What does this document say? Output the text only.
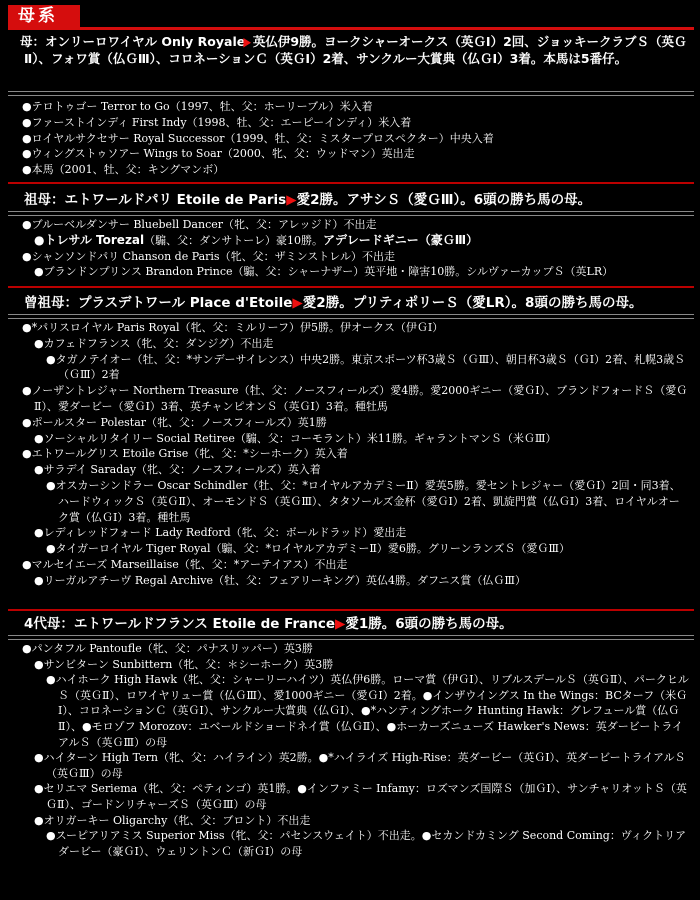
母系
母：オンリーロワイヤル Only Royale▶ 英仏伊9勝。ヨークシャーオークス（英ＧⅠ）2回、ジョッキークラブＳ（英ＧⅡ）、フォワ賞（仏ＧⅢ）、コロネーションＣ（英ＧⅠ）2着、サンクルー大賞典（仏ＧⅠ）3着。本馬は5番仔。
●テロトゥゴー Terror to Go（1997、牡、父：ホーリーブル）米入着
●ファーストインディ First Indy（1998、牡、父：エーピーインディ）米入着
●ロイヤルサクセサー Royal Successor（1999、牡、父：ミスタープロスペクター）中央入着
●ウィングストゥソアー Wings to Soar（2000、牝、父：ウッドマン）英出走
●本馬（2001、牡、父：キングマンボ）
祖母：エトワールドパリ Etoile de Paris▶愛2勝。アサシＳ（愛ＧⅢ）。6頭の勝ち馬の母。
●ブルーベルダンサー Bluebell Dancer（牝、父：アレッジド）不出走
●トレサル Torezal（騸、父：ダンサトーレ）豪10勝。アデレードギニー（豪ＧⅢ）
●シャンソンドパリ Chanson de Paris（牝、父：ザミンストレル）不出走
●ブランドンプリンス Brandon Prince（騸、父：シャーナザー）英平地・障害10勝。シルヴァーカップＳ（英LR）
曾祖母：プラスデトワール Place d'Etoile▶愛2勝。プリティポリーＳ（愛LR）。8頭の勝ち馬の母。
●*パリスロイヤル Paris Royal（牝、父：ミルリーフ）伊5勝。伊オークス（伊ＧⅠ）
●カフェドフランス（牝、父：ダンジグ）不出走
●タガノテイオー（牡、父：*サンデーサイレンス）中央2勝。東京スポーツ杯3歳Ｓ（ＧⅢ）、朝日杯3歳Ｓ（ＧⅠ）2着、札幌3歳Ｓ（ＧⅢ）2着
●ノーザントレジャー Northern Treasure（牡、父：ノースフィールズ）愛4勝。愛2000ギニー（愛ＧⅠ）、ブランドフォードＳ（愛ＧⅡ）、愛ダービー（愛ＧⅠ）3着、英チャンピオンＳ（英ＧⅠ）3着。種牡馬
●ポールスター Polestar（牝、父：ノースフィールズ）英1勝
●ソーシャルリタイリー Social Retiree（騸、父：コーモラント）米11勝。ギャラントマンＳ（米ＧⅢ）
●エトワールグリス Etoile Grise（牝、父：*シーホーク）英入着
●サラデイ Saraday（牝、父：ノースフィールズ）英入着
●オスカーシンドラー Oscar Schindler（牡、父：*ロイヤルアカデミーⅡ）愛英5勝。愛セントレジャー（愛ＧⅠ）2回・同3着、ハードウィックＳ（英ＧⅡ）、オーモンドＳ（英ＧⅢ）、タタソールズ金杯（愛ＧⅠ）2着、凱旋門賞（仏ＧⅠ）3着、ロイヤルオーク賞（仏ＧⅠ）3着。種牡馬
●レディレッドフォード Lady Redford（牝、父：ボールドラッド）愛出走
●タイガーロイヤル Tiger Royal（騸、父：*ロイヤルアカデミーⅡ）愛6勝。グリーンランズＳ（愛ＧⅢ）
●マルセイエーズ Marseillaise（牝、父：*アーテイアス）不出走
●リーガルアチーヴ Regal Archive（牡、父：フェアリーキング）英仏4勝。ダフニス賞（仏ＧⅢ）
4代母：エトワールドフランス Etoile de France▶愛1勝。6頭の勝ち馬の母。
●パンタフル Pantoufle（牝、父：パナスリッパー）英3勝
●サンビターン Sunbittern（牝、父：＊シーホーク）英3勝
●ハイホーク High Hawk（牝、父：シャーリーハイツ）英仏伊6勝。ローマ賞（伊ＧⅠ）、リブルスデールＳ（英ＧⅡ）、パークヒルＳ（英ＧⅡ）、ロワイヤリュー賞（仏ＧⅢ）、愛1000ギニー（愛ＧⅠ）2着。●インザウイングス In the Wings：BCターフ（米ＧⅠ）、コロネーションＣ（英ＧⅠ）、サンクルー大賞典（仏ＧⅠ）、●*ハンティングホーク Hunting Hawk：グレフュール賞（仏ＧⅡ）、●モロゾフ Morozov：ユベールドショードネイ賞（仏ＧⅡ）、●ホーカーズニューズ Hawker's News：英ダービートライアルＳ（英ＧⅢ）の母
●ハイターン High Tern（牝、父：ハイライン）英2勝。●*ハイライズ High-Rise：英ダービー（英ＧⅠ）、英ダービートライアルＳ（英ＧⅢ）の母
●セリエマ Seriema（牝、父：ペティンゴ）英1勝。●インファミー Infamy：ロズマンズ国際Ｓ（加ＧⅠ）、サンチャリオットＳ（英ＧⅡ）、ゴードンリチャーズＳ（英ＧⅢ）の母
●オリガーキー Oligarchy（牝、父：ブロント）不出走
●スーピアリアミス Superior Miss（牝、父：パセンスウェイト）不出走。●セカンドカミング Second Coming：ヴィクトリアダービー（豪ＧⅠ）、ウェリントンＣ（新ＧⅠ）の母
